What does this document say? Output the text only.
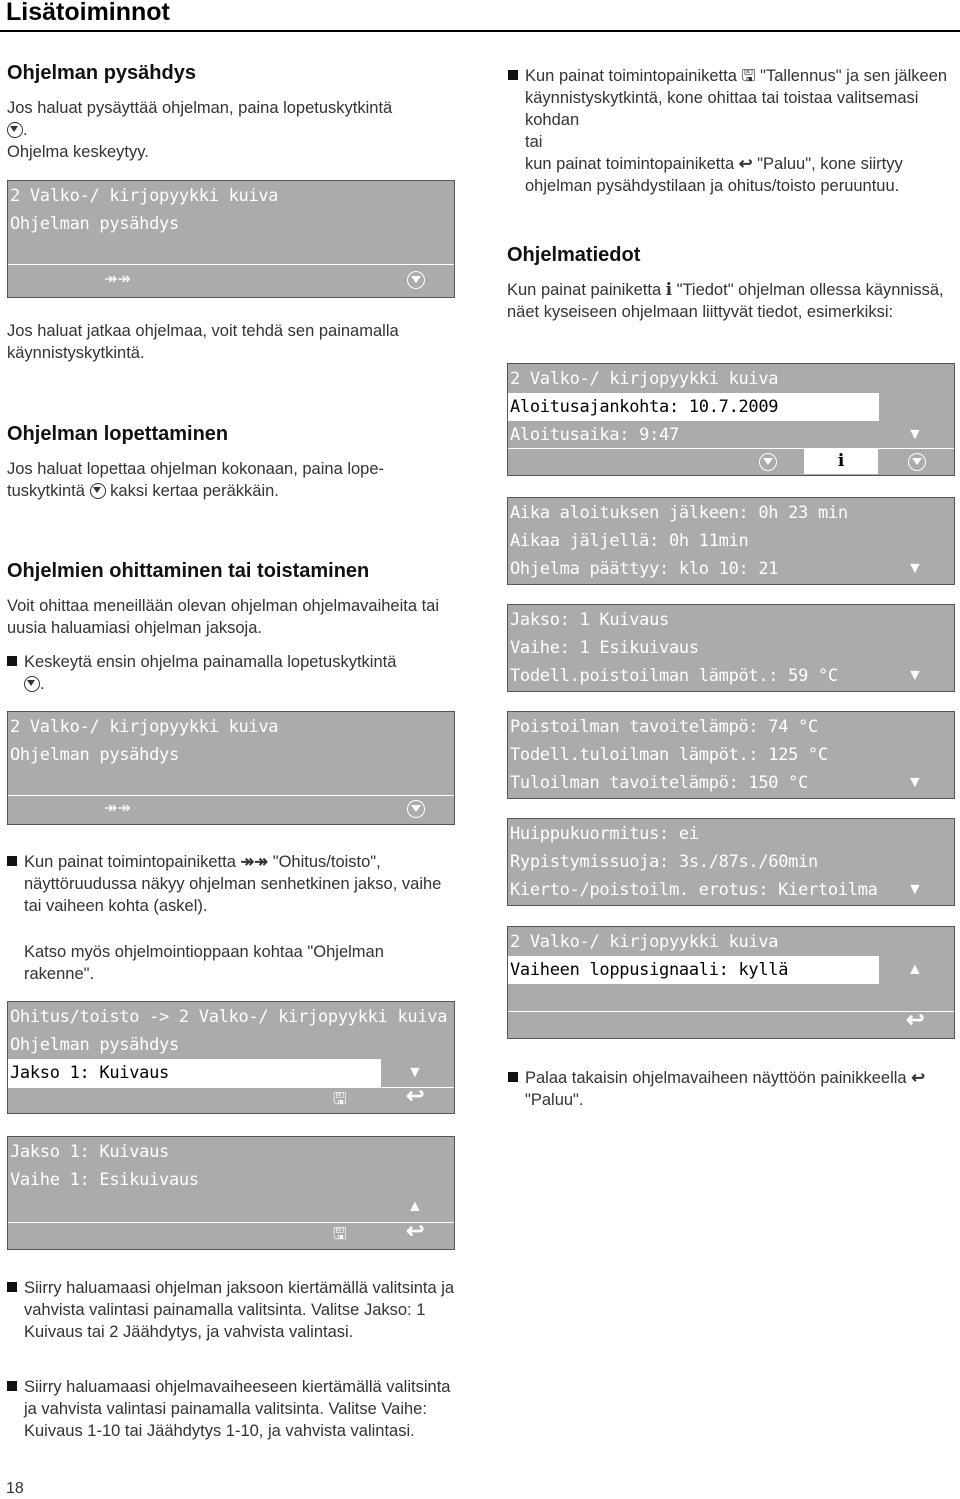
Lisätoiminnot
Ohjelman pysähdys
Jos haluat pysäyttää ohjelman, paina lopetuskytkintä
.
Ohjelma keskeytyy.
2 Valko-/ kirjopyykki kuiva
Ohjelman pysähdys
↠↠
Jos haluat jatkaa ohjelmaa, voit tehdä sen painamalla käynnistyskytkintä.
Ohjelman lopettaminen
Jos haluat lopettaa ohjelman kokonaan, paina lope-
tuskytkintä kaksi kertaa peräkkäin.
Ohjelmien ohittaminen tai toistaminen
Voit ohittaa meneillään olevan ohjelman ohjelmavaiheita tai uusia haluamiasi ohjelman jaksoja.
Keskeytä ensin ohjelma painamalla lopetuskytkintä
.
2 Valko-/ kirjopyykki kuiva
Ohjelman pysähdys
↠↠
Kun painat toimintopainiketta ↠↠ "Ohitus/toisto", näyttöruudussa näkyy ohjelman senhetkinen jakso, vaihe tai vaiheen kohta (askel).
Katso myös ohjelmointioppaan kohtaa "Ohjelman rakenne".
Ohitus/toisto -> 2 Valko-/ kirjopyykki kuiva
Ohjelman pysähdys
Jakso 1: Kuivaus	▼
🖫	↩
Jakso 1: Kuivaus
Vaihe 1: Esikuivaus
▲
🖫	↩
Siirry haluamaasi ohjelman jaksoon kiertämällä valitsinta ja vahvista valintasi painamalla valitsinta. Valitse Jakso: 1 Kuivaus tai 2 Jäähdytys, ja vahvista valintasi.
Siirry haluamaasi ohjelmavaiheeseen kiertämällä valitsinta ja vahvista valintasi painamalla valitsinta. Valitse Vaihe: Kuivaus 1-10 tai Jäähdytys 1-10, ja vahvista valintasi.
18
Kun painat toimintopainiketta 🖫 "Tallennus" ja sen jälkeen käynnistyskytkintä, kone ohittaa tai toistaa valitsemasi kohdan
tai
kun painat toimintopainiketta ↩ "Paluu", kone siirtyy ohjelman pysähdystilaan ja ohitus/toisto peruuntuu.
Ohjelmatiedot
Kun painat painiketta i "Tiedot" ohjelman ollessa käynnissä, näet kyseiseen ohjelmaan liittyvät tiedot, esimerkiksi:
2 Valko-/ kirjopyykki kuiva
Aloitusajankohta: 10.7.2009
Aloitusaika: 9:47	▼
i
Aika aloituksen jälkeen: 0h 23 min
Aikaa jäljellä: 0h 11min
Ohjelma päättyy: klo 10: 21	▼
Jakso: 1 Kuivaus
Vaihe: 1 Esikuivaus
Todell.poistoilman lämpöt.: 59 °C	▼
Poistoilman tavoitelämpö: 74 °C
Todell.tuloilman lämpöt.: 125 °C
Tuloilman tavoitelämpö: 150 °C	▼
Huippukuormitus: ei
Rypistymissuoja: 3s./87s./60min
Kierto-/poistoilm. erotus: Kiertoilma ▼
2 Valko-/ kirjopyykki kuiva
Vaiheen loppusignaali: kyllä	▲
↩
Palaa takaisin ohjelmavaiheen näyttöön painikkeella ↩ "Paluu".
